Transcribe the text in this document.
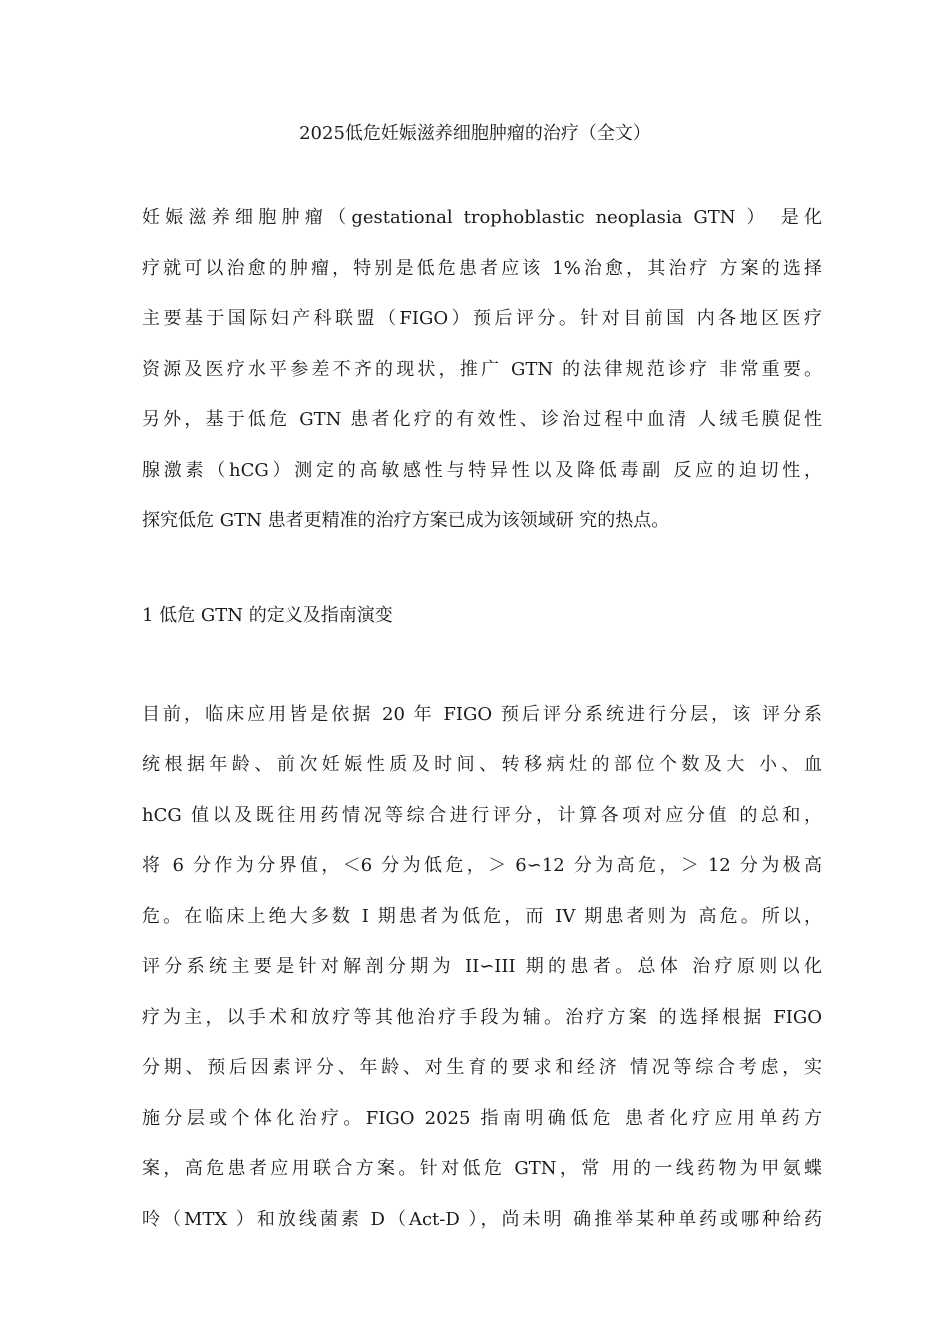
2025低危妊娠滋养细胞肿瘤的治疗（全文）
妊娠滋养细胞肿瘤（gestational trophoblastic neoplasia GTN ） 是化
疗就可以治愈的肿瘤，特别是低危患者应该 1%治愈，其治疗 方案的选择
主要基于国际妇产科联盟（FIGO）预后评分。针对目前国 内各地区医疗
资源及医疗水平参差不齐的现状，推广 GTN 的法律规范诊疗 非常重要。
另外，基于低危 GTN 患者化疗的有效性、诊治过程中血清 人绒毛膜促性
腺激素（hCG）测定的高敏感性与特异性以及降低毒副 反应的迫切性，
探究低危 GTN 患者更精准的治疗方案已成为该领域研 究的热点。
1 低危 GTN 的定义及指南演变
目前，临床应用皆是依据 20 年 FIGO 预后评分系统进行分层，该 评分系
统根据年龄、前次妊娠性质及时间、转移病灶的部位个数及大 小、血
hCG 值以及既往用药情况等综合进行评分，计算各项对应分值 的总和，
将 6 分作为分界值，＜6 分为低危，＞ 6∽12 分为高危，＞ 12 分为极高
危。在临床上绝大多数 I 期患者为低危，而 IV 期患者则为 高危。所以，
评分系统主要是针对解剖分期为 II∽III 期的患者。总体 治疗原则以化
疗为主，以手术和放疗等其他治疗手段为辅。治疗方案 的选择根据 FIGO
分期、预后因素评分、年龄、对生育的要求和经济 情况等综合考虑，实
施分层或个体化治疗。FIGO 2025 指南明确低危 患者化疗应用单药方
案，高危患者应用联合方案。针对低危 GTN，常 用的一线药物为甲氨蝶
呤（MTX ）和放线菌素 D（Act-D ），尚未明 确推举某种单药或哪种给药
